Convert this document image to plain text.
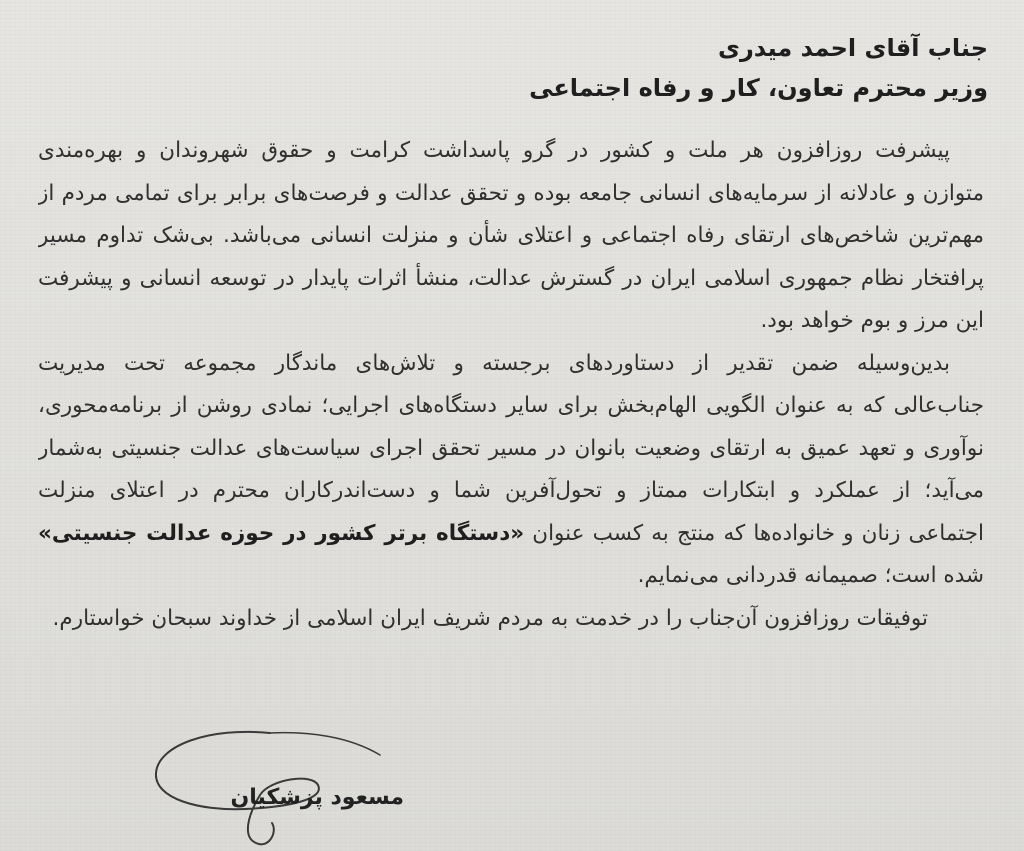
جناب آقای احمد میدری
وزیر محترم تعاون، کار و رفاه اجتماعی
پیشرفت روزافزون هر ملت و کشور در گرو پاسداشت کرامت و حقوق شهروندان و بهره‌مندی
متوازن و عادلانه از سرمایه‌های انسانی جامعه بوده و تحقق عدالت و فرصت‌های برابر برای تمامی مردم از
مهم‌ترین شاخص‌های ارتقای رفاه اجتماعی و اعتلای شأن و منزلت انسانی می‌باشد. بی‌شک تداوم مسیر
پرافتخار نظام جمهوری اسلامی ایران در گسترش عدالت، منشأ اثرات پایدار در توسعه انسانی و پیشرفت
این مرز و بوم خواهد بود.
بدین‌وسیله ضمن تقدیر از دستاوردهای برجسته و تلاش‌های ماندگار مجموعه تحت مدیریت
جناب‌عالی که به عنوان الگویی الهام‌بخش برای سایر دستگاه‌های اجرایی؛ نمادی روشن از برنامه‌محوری،
نوآوری و تعهد عمیق به ارتقای وضعیت بانوان در مسیر تحقق اجرای سیاست‌های عدالت جنسیتی به‌شمار
می‌آید؛ از عملکرد و ابتکارات ممتاز و تحول‌آفرین شما و دست‌اندرکاران محترم در اعتلای منزلت
اجتماعی زنان و خانواده‌ها که منتج به کسب عنوان «دستگاه برتر کشور در حوزه عدالت جنسیتی»
شده است؛ صمیمانه قدردانی می‌نمایم.
توفیقات روزافزون آن‌جناب را در خدمت به مردم شریف ایران اسلامی از خداوند سبحان خواستارم.
مسعود پزشکیان
